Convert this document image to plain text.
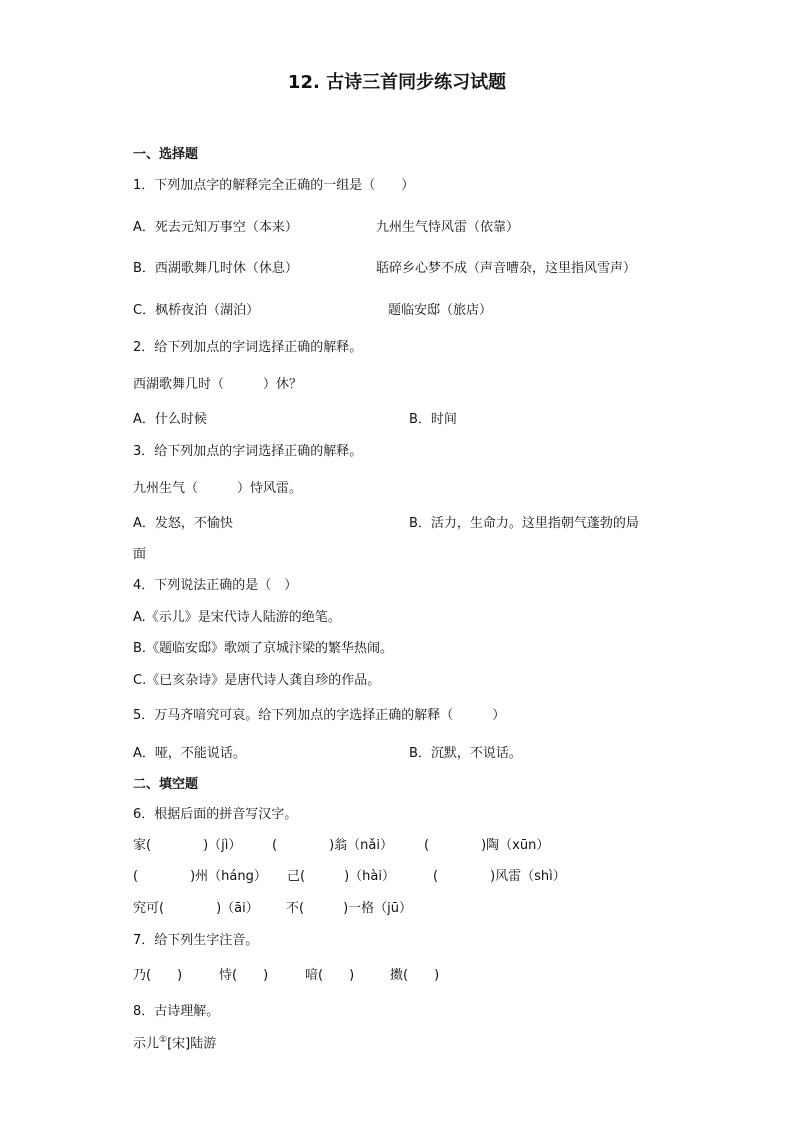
12. 古诗三首同步练习试题
一、选择题
1．下列加点字的解释完全正确的一组是（　　）
A．死去元知万事空（本来）	九州生气恃风雷（依靠）
B．西湖歌舞几时休（休息）	聒碎乡心梦不成（声音嘈杂，这里指风雪声）
C．枫桥夜泊（湖泊）	题临安邸（旅店）
2．给下列加点的字词选择正确的解释。
西湖歌舞几时（　　　）休？
A．什么时候	B．时间
3．给下列加点的字词选择正确的解释。
九州生气（　　　）恃风雷。
A．发怒，不愉快	B．活力，生命力。这里指朝气蓬勃的局
面
4．下列说法正确的是（　）
A.《示儿》是宋代诗人陆游的绝笔。
B.《题临安邸》歌颂了京城汴梁的繁华热闹。
C.《已亥杂诗》是唐代诗人龚自珍的作品。
5．万马齐喑究可哀。给下列加点的字选择正确的解释（　　　）
A．哑，不能说话。	B．沉默，不说话。
二、填空题
6．根据后面的拼音写汉字。
家(　　　　)（jì） (　　　　)翁（nǎi） (　　　　)陶（xūn）
(　　　　)州（háng） 己(　　　)（hài）	(　　　　)风雷（shì）
究可(　　　　)（āi） 不(　　　)一格（jū）
7．给下列生字注音。
乃(　　)	恃(　　)	喑(　　)	擞(　　)
8．古诗理解。
示儿①[宋]陆游
